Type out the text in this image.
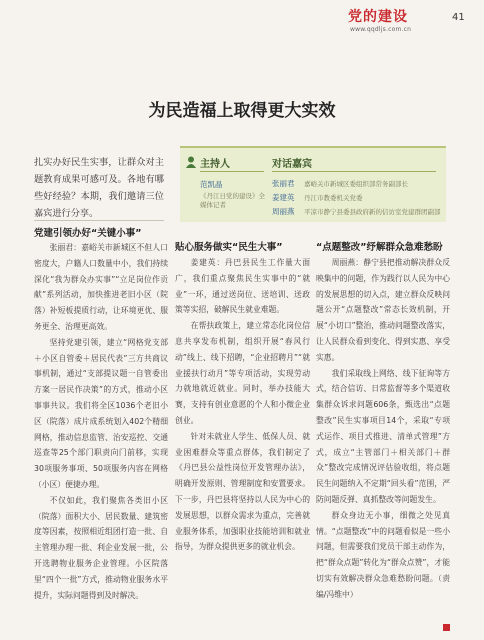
党的建设
www.qqdljs.com.cn
41
为民造福上取得更大实效
扎实办好民生实事，让群众对主题教育成果可感可及。各地有哪些好经验？本期，我们邀请三位嘉宾进行分享。
主持人	对话嘉宾
范凯晶
《丹江日党的建设》全媒体记者
张丽君 嘉峪关市新城区委组织部常务副部长
姜建英 丹江市教委机关党委
周丽燕 平凉市静宁县委县政府新的信访室党建群团副部
党建引领办好“关键小事”

张丽君：嘉峪关市新城区不但人口密度大，户籍人口数量中小，我们持续深化“我为群众办实事”“立足岗位作贡献”系列活动，加快推进老旧小区（院落）补短板提质行动，让环境更优、服务更全、治理更高效。

坚持党建引领，建立“网格党支部＋小区自管委＋居民代表”三方共商议事机制，通过“支部提议题一自管委出方案一居民作决策”的方式，推动小区事事共议。我们将全区1036个老旧小区（院落）成片成系统划入402个精细网格，推动信息监管、治安巡控、交通巡查等25个部门职责向门前移，实现30项服务事项、50项服务内容在网格（小区）便捷办理。

不仅如此，我们聚焦各类旧小区（院落）面积大小、居民数量、建筑密度等因素，按照相近组团打造一批、自主管理办理一批、利企业发展一批，公开选聘物业服务企业管理。小区院落里“四个一批”方式，推动物业服务水平提升，实际问题得到及时解决。

贴心服务做实“民生大事”

姜建英：丹巴县民生工作量大面广，我们重点聚焦民生实事中的“就业”一环，通过送岗位、送培训、送政策等实招，破解民生就业难题。

在帮扶政策上，建立常态化岗位信息共享发布机制，组织开展“春风行动”线上、线下招聘，“企业招聘月”“就业援扶行动月”等专项活动，实现劳动力就地就近就业。同时，举办技能大赛，支持有创业意愿的个人和小微企业创业。

针对未就业人学生、低保人员、就业困难群众等重点群体，我们制定了《丹巴县公益性岗位开发管理办法》，明确开发原则、管理制度和安置要求。下一步，丹巴县将坚持以人民为中心的发展思想，以群众需求为重点，完善就业服务体系，加强职业技能培训和就业指导，为群众提供更多的就业机会。

“点题整改”纾解群众急难愁盼

周丽燕：静宁县把推动解决群众反映集中的问题，作为践行以人民为中心的发展思想的切入点，建立群众反映问题公开“点题整改”常态长效机制，开展“小切口”整治，推动问题整改落实，让人民群众看到变化、得到实惠、享受实惠。

我们采取线上网络、线下征询等方式，结合信访、日常监督等多个渠道收集群众诉求问题606条，甄选出“点题整改”民生实事项目14个，采取“专项式运作、项目式推进、清单式管理”方式，成立“主管部门＋相关部门＋群众”整改完成情况评估验收组，将点题民生问题纳入不定期“回头看”范围，严防问题反弹、真抓整改等问题发生。

群众身边无小事，细微之处见真情。“点题整改”中的问题看似是一些小问题，但需要我们党员干部主动作为，把“群众点题”转化为“群众点赞”，才能切实有效解决群众急难愁盼问题。（责编/冯维中）
